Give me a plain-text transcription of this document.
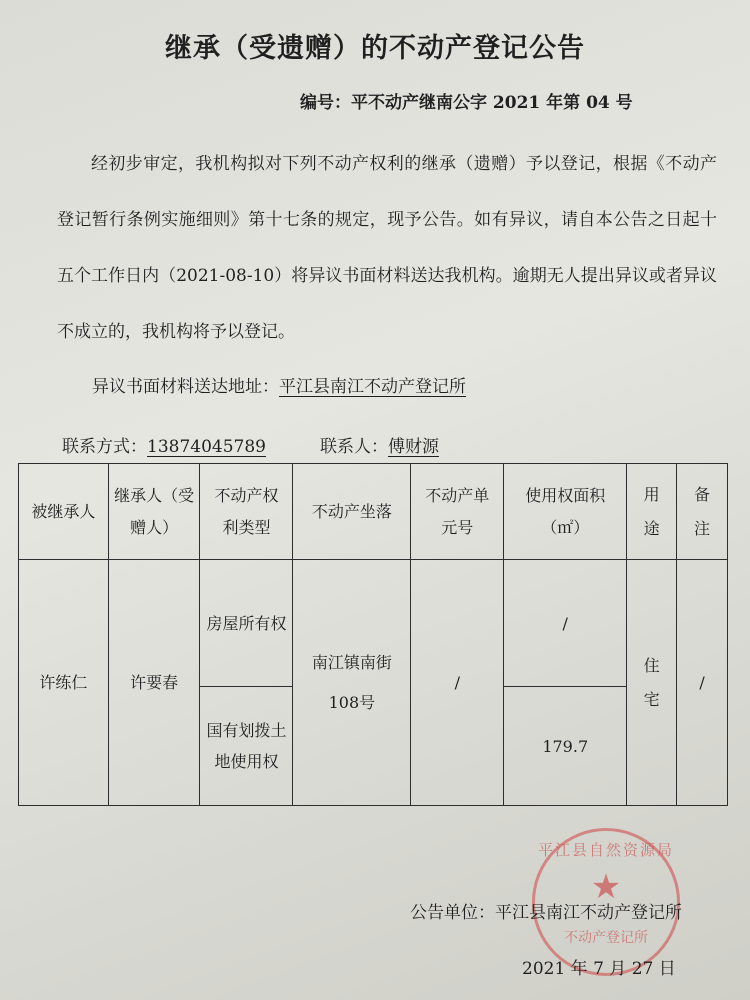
继承（受遗赠）的不动产登记公告
编号：平不动产继南公字 2021 年第 04 号
经初步审定，我机构拟对下列不动产权利的继承（遗赠）予以登记，根据《不动产登记暂行条例实施细则》第十七条的规定，现予公告。如有异议，请自本公告之日起十五个工作日内（2021-08-10）将异议书面材料送达我机构。逾期无人提出异议或者异议不成立的，我机构将予以登记。
异议书面材料送达地址：平江县南江不动产登记所
联系方式：13874045789	联系人：傅财源
被继承人	继承人（受赠人）	不动产权利类型	不动产坐落	不动产单元号	使用权面积（㎡）	用途	备注
许练仁	许要春	房屋所有权	南江镇南街108号	/	/	住宅	/

		国有划拨土地使用权			179.7		
平江县自然资源局
★
不动产登记所
公告单位：平江县南江不动产登记所
2021 年 7 月 27 日
